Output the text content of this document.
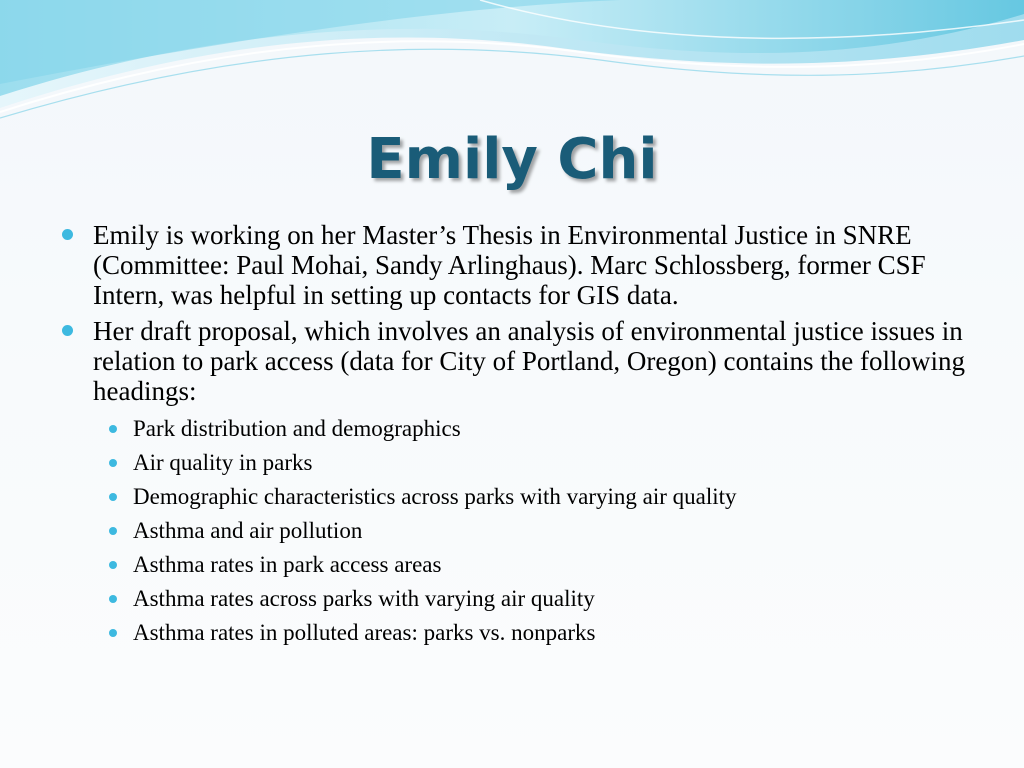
Emily Chi
Emily is working on her Master’s Thesis in Environmental Justice in SNRE (Committee: Paul Mohai, Sandy Arlinghaus). Marc Schlossberg, former CSF Intern, was helpful in setting up contacts for GIS data.
Her draft proposal, which involves an analysis of environmental justice issues in relation to park access (data for City of Portland, Oregon) contains the following headings:
Park distribution and demographics
Air quality in parks
Demographic characteristics across parks with varying air quality
Asthma and air pollution
Asthma rates in park access areas
Asthma rates across parks with varying air quality
Asthma rates in polluted areas: parks vs. nonparks
